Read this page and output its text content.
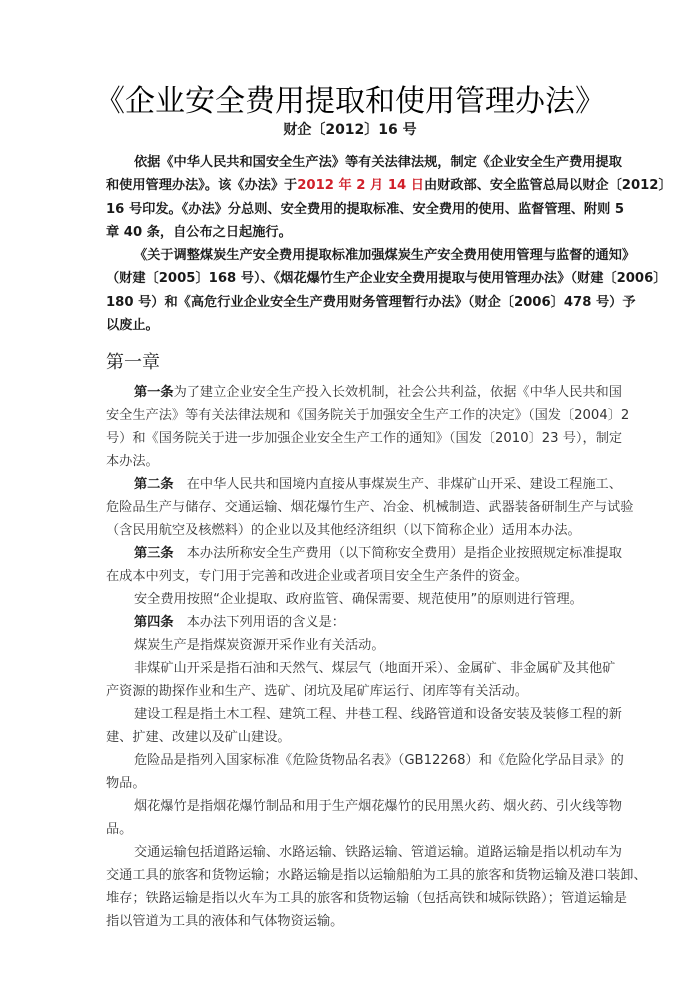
《企业安全费用提取和使用管理办法》
财企〔2012〕16 号
依据《中华人民共和国安全生产法》等有关法律法规，制定《企业安全生产费用提取
和使用管理办法》。该《办法》于2012 年 2 月 14 日由财政部、安全监管总局以财企〔2012〕
16 号印发。《办法》分总则、安全费用的提取标准、安全费用的使用、监督管理、附则 5
章 40 条，自公布之日起施行。
《关于调整煤炭生产安全费用提取标准加强煤炭生产安全费用使用管理与监督的通知》
（财建〔2005〕168 号）、《烟花爆竹生产企业安全费用提取与使用管理办法》（财建〔2006〕
180 号）和《高危行业企业安全生产费用财务管理暂行办法》（财企〔2006〕478 号）予
以废止。
第一章
第一条为了建立企业安全生产投入长效机制，社会公共利益，依据《中华人民共和国
安全生产法》等有关法律法规和《国务院关于加强安全生产工作的决定》（国发〔2004〕2
号）和《国务院关于进一步加强企业安全生产工作的通知》（国发〔2010〕23 号），制定
本办法。
第二条　在中华人民共和国境内直接从事煤炭生产、非煤矿山开采、建设工程施工、
危险品生产与储存、交通运输、烟花爆竹生产、冶金、机械制造、武器装备研制生产与试验
（含民用航空及核燃料）的企业以及其他经济组织（以下简称企业）适用本办法。
第三条　本办法所称安全生产费用（以下简称安全费用）是指企业按照规定标准提取
在成本中列支，专门用于完善和改进企业或者项目安全生产条件的资金。
安全费用按照“企业提取、政府监管、确保需要、规范使用”的原则进行管理。
第四条　本办法下列用语的含义是：
煤炭生产是指煤炭资源开采作业有关活动。
非煤矿山开采是指石油和天然气、煤层气（地面开采）、金属矿、非金属矿及其他矿
产资源的勘探作业和生产、选矿、闭坑及尾矿库运行、闭库等有关活动。
建设工程是指土木工程、建筑工程、井巷工程、线路管道和设备安装及装修工程的新
建、扩建、改建以及矿山建设。
危险品是指列入国家标准《危险货物品名表》（GB12268）和《危险化学品目录》的
物品。
烟花爆竹是指烟花爆竹制品和用于生产烟花爆竹的民用黑火药、烟火药、引火线等物
品。
交通运输包括道路运输、水路运输、铁路运输、管道运输。道路运输是指以机动车为
交通工具的旅客和货物运输；水路运输是指以运输船舶为工具的旅客和货物运输及港口装卸、
堆存；铁路运输是指以火车为工具的旅客和货物运输（包括高铁和城际铁路）；管道运输是
指以管道为工具的液体和气体物资运输。
